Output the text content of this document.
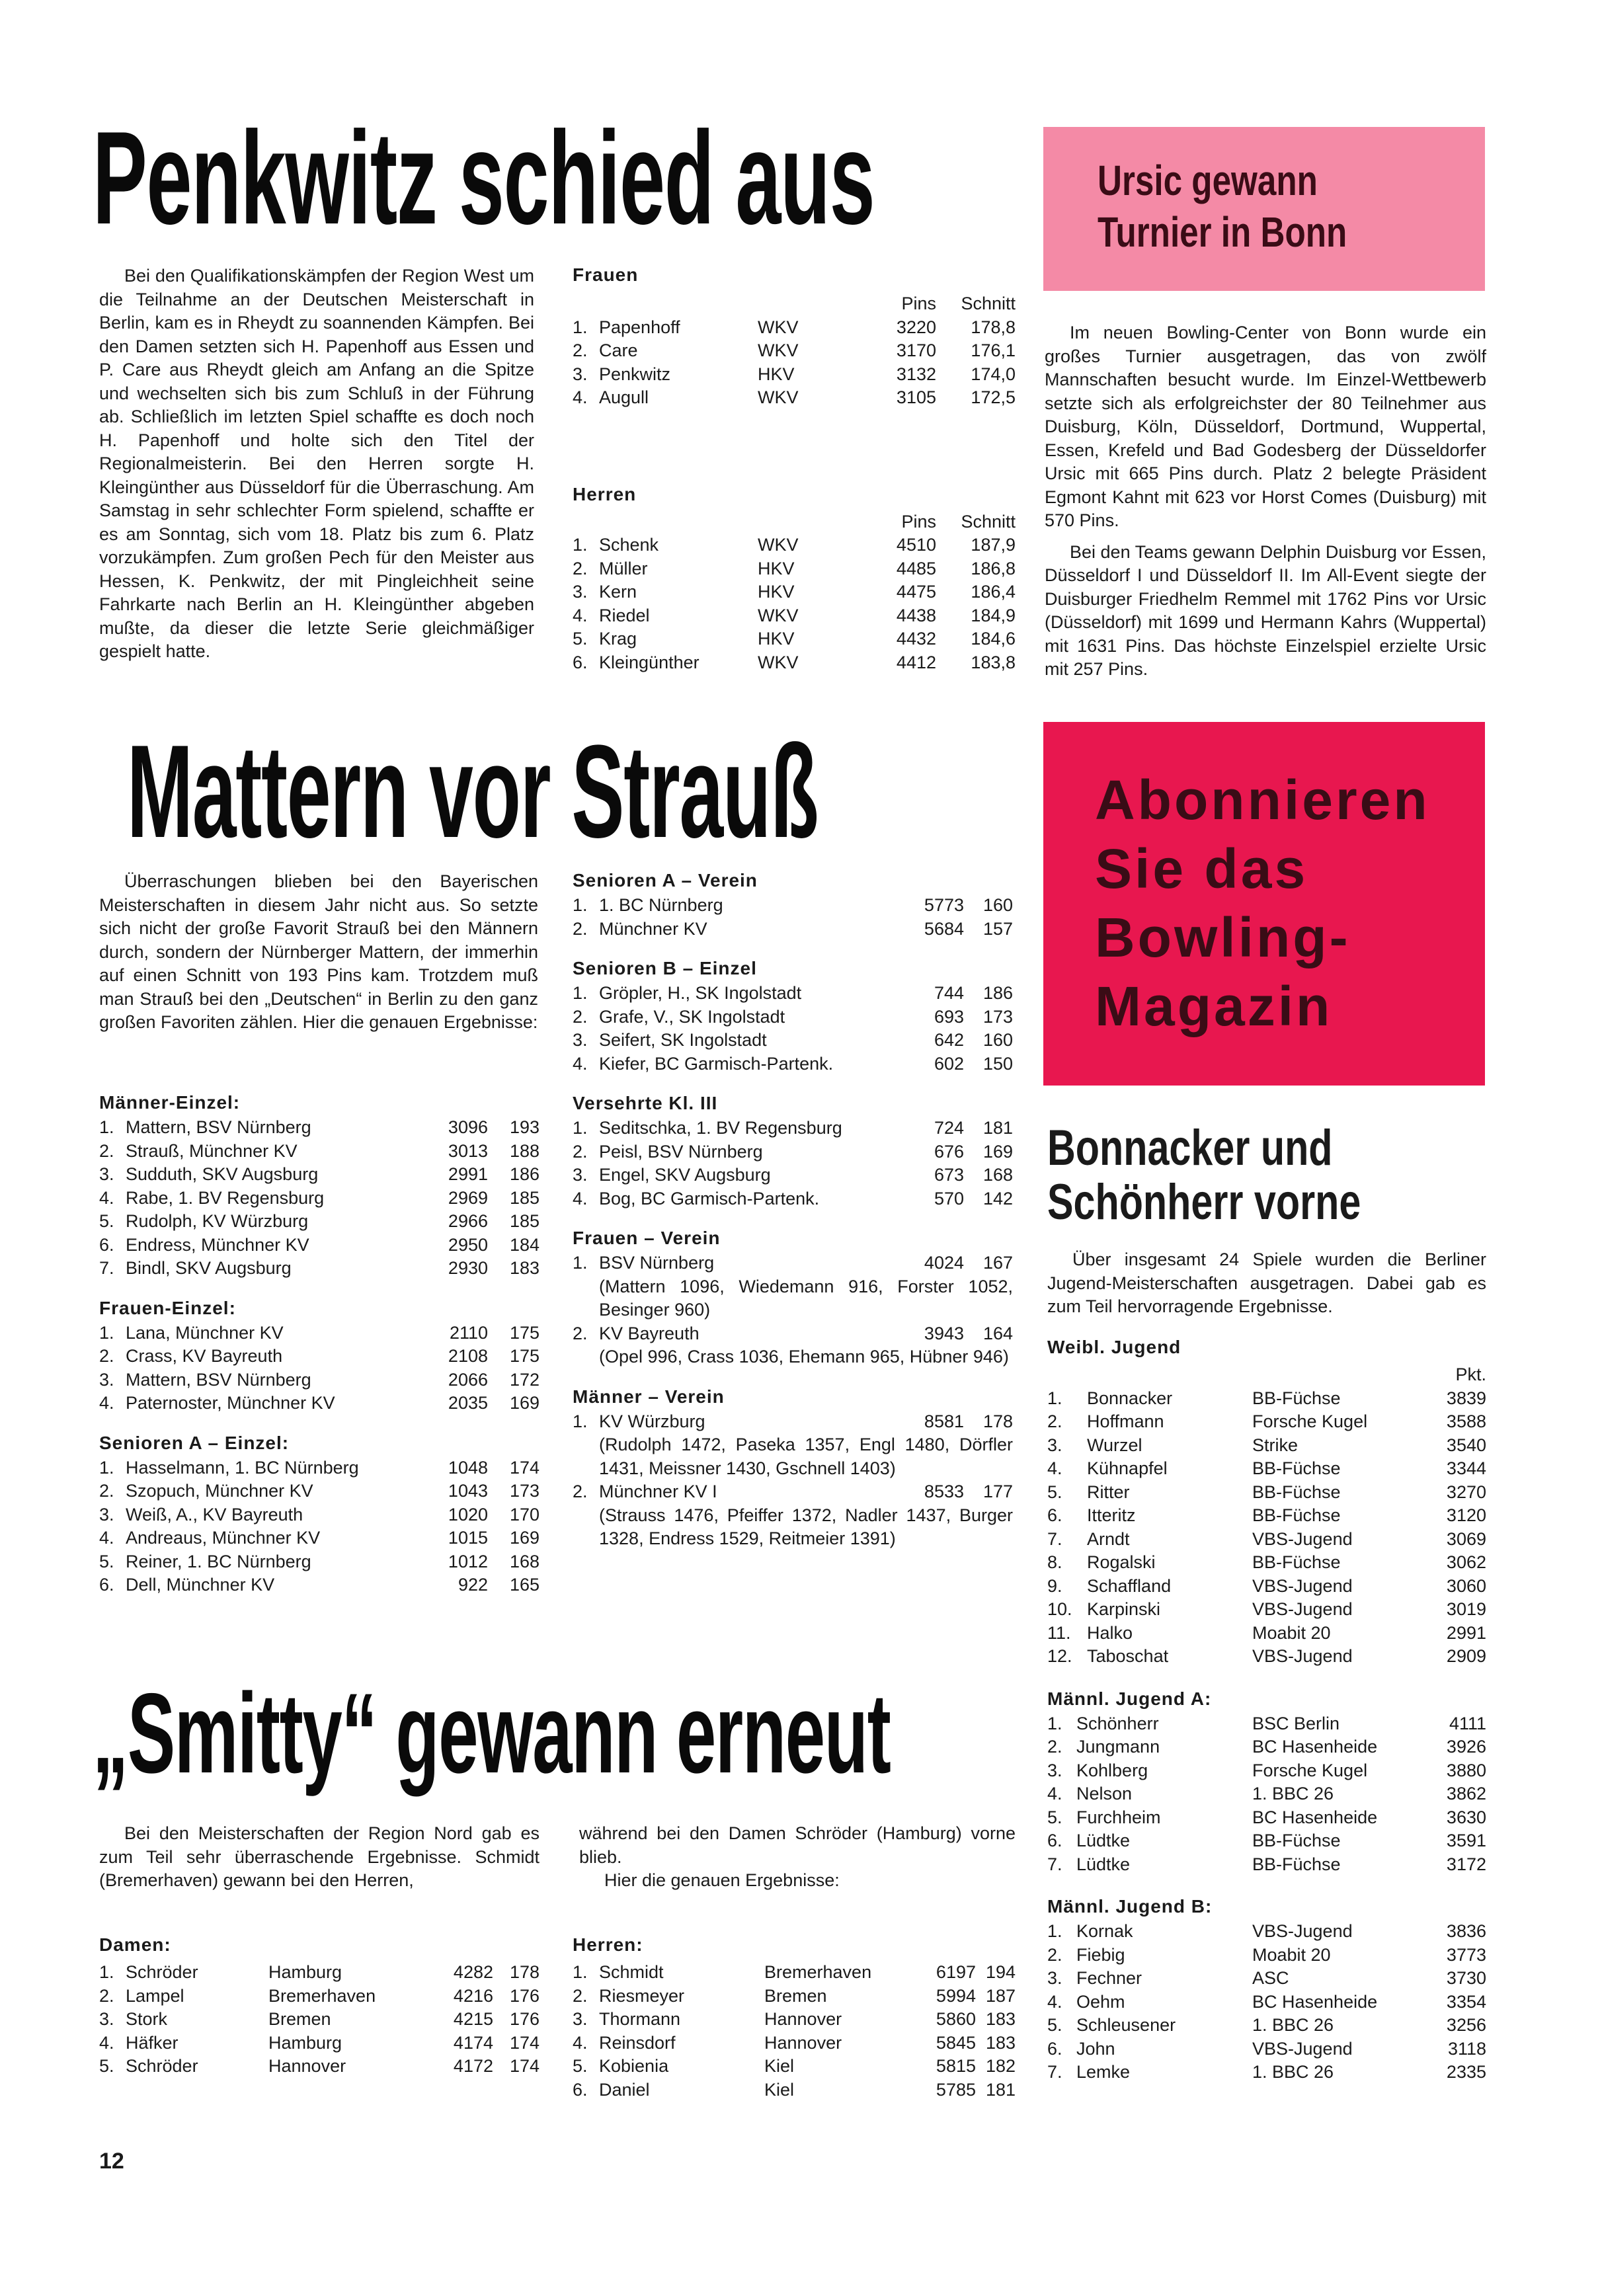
Penkwitz schied aus

Bei den Qualifikationskämpfen der Region West um die Teilnahme an der Deutschen Meisterschaft in Berlin, kam es in Rheydt zu soannenden Kämpfen. Bei den Damen setzten sich H. Papenhoff aus Essen und P. Care aus Rheydt gleich am Anfang an die Spitze und wechselten sich bis zum Schluß in der Führung ab. Schließlich im letzten Spiel schaffte es doch noch H. Papenhoff und holte sich den Titel der Regionalmeisterin. Bei den Herren sorgte H. Kleingünther aus Düsseldorf für die Überraschung. Am Samstag in sehr schlechter Form spielend, schaffte er es am Sonntag, sich vom 18. Platz bis zum 6. Platz vorzukämpfen. Zum großen Pech für den Meister aus Hessen, K. Penkwitz, der mit Pingleichheit seine Fahrkarte nach Berlin an H. Kleingünther abgeben mußte, da dieser die letzte Serie gleichmäßiger gespielt hatte.

Frauen
			Pins	Schnitt
1.	Papenhoff	WKV	3220	178,8
2.	Care	WKV	3170	176,1
3.	Penkwitz	HKV	3132	174,0
4.	Augull	WKV	3105	172,5
Herren
			Pins	Schnitt
1.	Schenk	WKV	4510	187,9
2.	Müller	HKV	4485	186,8
3.	Kern	HKV	4475	186,4
4.	Riedel	WKV	4438	184,9
5.	Krag	HKV	4432	184,6
6.	Kleingünther	WKV	4412	183,8
Ursic gewann
Turnier in Bonn

Im neuen Bowling-Center von Bonn wurde ein großes Turnier ausgetragen, das von zwölf Mannschaften besucht wurde. Im Einzel-Wettbewerb setzte sich als erfolgreichster der 80 Teilnehmer aus Duisburg, Köln, Düsseldorf, Dortmund, Wuppertal, Essen, Krefeld und Bad Godesberg der Düsseldorfer Ursic mit 665 Pins durch. Platz 2 belegte Präsident Egmont Kahnt mit 623 vor Horst Comes (Duisburg) mit 570 Pins.

Bei den Teams gewann Delphin Duisburg vor Essen, Düsseldorf I und Düsseldorf II. Im All-Event siegte der Duisburger Friedhelm Remmel mit 1762 Pins vor Ursic (Düsseldorf) mit 1699 und Hermann Kahrs (Wuppertal) mit 1631 Pins. Das höchste Einzelspiel erzielte Ursic mit 257 Pins.

Mattern vor Strauß

Überraschungen blieben bei den Bayerischen Meisterschaften in diesem Jahr nicht aus. So setzte sich nicht der große Favorit Strauß bei den Männern durch, sondern der Nürnberger Mattern, der immerhin auf einen Schnitt von 193 Pins kam. Trotzdem muß man Strauß bei den „Deutschen“ in Berlin zu den ganz großen Favoriten zählen. Hier die genauen Ergebnisse:

Männer-Einzel:
1.	Mattern, BSV Nürnberg	3096	193
2.	Strauß, Münchner KV	3013	188
3.	Sudduth, SKV Augsburg	2991	186
4.	Rabe, 1. BV Regensburg	2969	185
5.	Rudolph, KV Würzburg	2966	185
6.	Endress, Münchner KV	2950	184
7.	Bindl, SKV Augsburg	2930	183
Frauen-Einzel:
1.	Lana, Münchner KV	2110	175
2.	Crass, KV Bayreuth	2108	175
3.	Mattern, BSV Nürnberg	2066	172
4.	Paternoster, Münchner KV	2035	169
Senioren A – Einzel:
1.	Hasselmann, 1. BC Nürnberg	1048	174
2.	Szopuch, Münchner KV	1043	173
3.	Weiß, A., KV Bayreuth	1020	170
4.	Andreaus, Münchner KV	1015	169
5.	Reiner, 1. BC Nürnberg	1012	168
6.	Dell, Münchner KV	922	165
Senioren A – Verein
1.	1. BC Nürnberg	5773	160
2.	Münchner KV	5684	157
Senioren B – Einzel
1.	Gröpler, H., SK Ingolstadt	744	186
2.	Grafe, V., SK Ingolstadt	693	173
3.	Seifert, SK Ingolstadt	642	160
4.	Kiefer, BC Garmisch-Partenk.	602	150
Versehrte Kl. III
1.	Seditschka, 1. BV Regensburg	724	181
2.	Peisl, BSV Nürnberg	676	169
3.	Engel, SKV Augsburg	673	168
4.	Bog, BC Garmisch-Partenk.	570	142
Frauen – Verein
1.	BSV Nürnberg	4024	167
(Mattern 1096, Wiedemann 916, Forster 1052, Besinger 960)
2.	KV Bayreuth	3943	164
(Opel 996, Crass 1036, Ehemann 965, Hübner 946)
Männer – Verein
1.	KV Würzburg	8581	178
(Rudolph 1472, Paseka 1357, Engl 1480, Dörfler 1431, Meissner 1430, Gschnell 1403)
2.	Münchner KV I	8533	177
(Strauss 1476, Pfeiffer 1372, Nadler 1437, Burger 1328, Endress 1529, Reitmeier 1391)
Abonnieren
Sie das
Bowling-
Magazin
Bonnacker und
Schönherr vorne

Über insgesamt 24 Spiele wurden die Berliner Jugend-Meisterschaften ausgetragen. Dabei gab es zum Teil hervorragende Ergebnisse.

Weibl. Jugend
			Pkt.
1.	Bonnacker	BB-Füchse	3839
2.	Hoffmann	Forsche Kugel	3588
3.	Wurzel	Strike	3540
4.	Kühnapfel	BB-Füchse	3344
5.	Ritter	BB-Füchse	3270
6.	Itteritz	BB-Füchse	3120
7.	Arndt	VBS-Jugend	3069
8.	Rogalski	BB-Füchse	3062
9.	Schaffland	VBS-Jugend	3060
10.	Karpinski	VBS-Jugend	3019
11.	Halko	Moabit 20	2991
12.	Taboschat	VBS-Jugend	2909
Männl. Jugend A:
1.	Schönherr	BSC Berlin	4111
2.	Jungmann	BC Hasenheide	3926
3.	Kohlberg	Forsche Kugel	3880
4.	Nelson	1. BBC 26	3862
5.	Furchheim	BC Hasenheide	3630
6.	Lüdtke	BB-Füchse	3591
7.	Lüdtke	BB-Füchse	3172
Männl. Jugend B:
1.	Kornak	VBS-Jugend	3836
2.	Fiebig	Moabit 20	3773
3.	Fechner	ASC	3730
4.	Oehm	BC Hasenheide	3354
5.	Schleusener	1. BBC 26	3256
6.	John	VBS-Jugend	3118
7.	Lemke	1. BBC 26	2335
„Smitty“ gewann erneut

Bei den Meisterschaften der Region Nord gab es zum Teil sehr überraschende Ergebnisse. Schmidt (Bremerhaven) gewann bei den Herren,

während bei den Damen Schröder (Hamburg) vorne blieb.

Hier die genauen Ergebnisse:

Damen:
1.	Schröder	Hamburg	4282	178
2.	Lampel	Bremerhaven	4216	176
3.	Stork	Bremen	4215	176
4.	Häfker	Hamburg	4174	174
5.	Schröder	Hannover	4172	174
Herren:
1.	Schmidt	Bremerhaven	6197	194
2.	Riesmeyer	Bremen	5994	187
3.	Thormann	Hannover	5860	183
4.	Reinsdorf	Hannover	5845	183
5.	Kobienia	Kiel	5815	182
6.	Daniel	Kiel	5785	181
12
